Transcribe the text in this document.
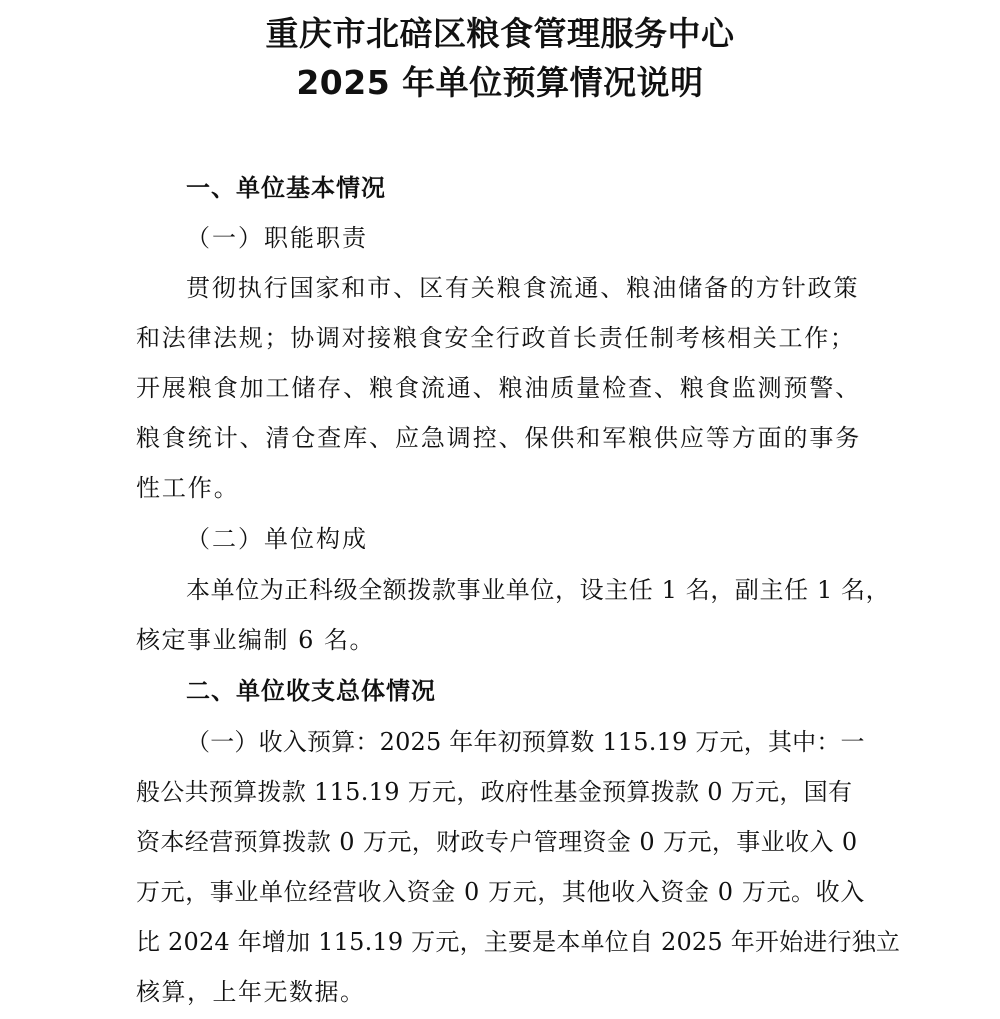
重庆市北碚区粮食管理服务中心
2025 年单位预算情况说明
一、单位基本情况
（一）职能职责
贯彻执行国家和市、区有关粮食流通、粮油储备的方针政策
和法律法规；协调对接粮食安全行政首长责任制考核相关工作；
开展粮食加工储存、粮食流通、粮油质量检查、粮食监测预警、
粮食统计、清仓查库、应急调控、保供和军粮供应等方面的事务
性工作。
（二）单位构成
本单位为正科级全额拨款事业单位，设主任 1 名，副主任 1 名，
核定事业编制 6 名。
二、单位收支总体情况
（一）收入预算：2025 年年初预算数 115.19 万元，其中：一
般公共预算拨款 115.19 万元，政府性基金预算拨款 0 万元，国有
资本经营预算拨款 0 万元，财政专户管理资金 0 万元，事业收入 0
万元，事业单位经营收入资金 0 万元，其他收入资金 0 万元。收入
比 2024 年增加 115.19 万元，主要是本单位自 2025 年开始进行独立
核算，上年无数据。
